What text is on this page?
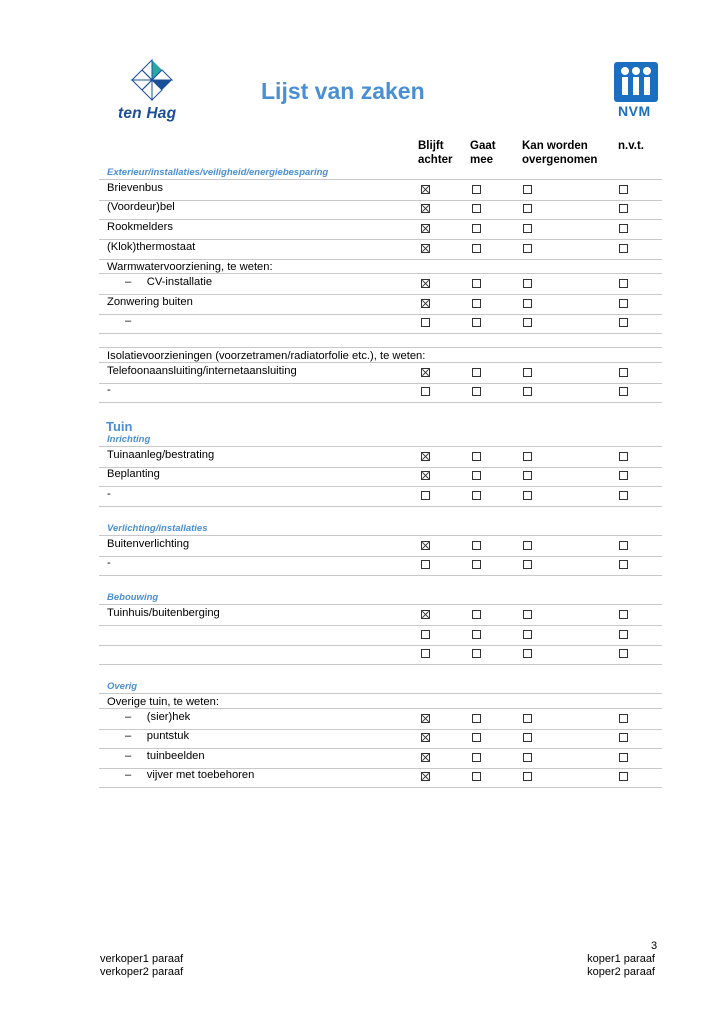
ten Hag
Lijst van zaken
NVM
Blijft
achter
Gaat
mee
Kan worden
overgenomen
n.v.t.
Exterieur/installaties/veiligheid/energiebesparing
Tuin
Inrichting
Verlichting/installaties
Bebouwing
Overig
Brievenbus
(Voordeur)bel
Rookmelders
(Klok)thermostaat
Warmwatervoorziening, te weten:
–     CV-installatie
Zonwering buiten
–
Isolatievoorzieningen (voorzetramen/radiatorfolie etc.), te weten:
Telefoonaansluiting/internetaansluiting
-
Tuinaanleg/bestrating
Beplanting
-
Buitenverlichting
-
Tuinhuis/buitenberging
Overige tuin, te weten:
–     (sier)hek
–     puntstuk
–     tuinbeelden
–     vijver met toebehoren
3
verkoper1 paraaf
verkoper2 paraaf
koper1 paraaf
koper2 paraaf
